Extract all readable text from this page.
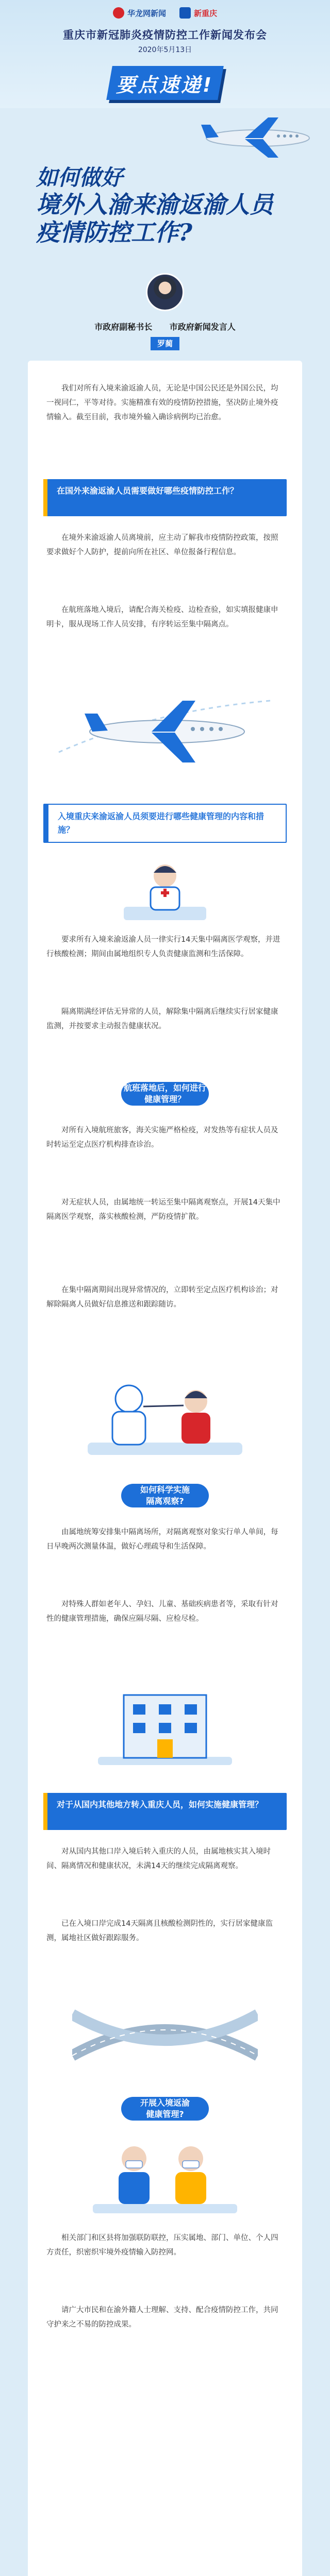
华龙网新闻	新重庆
重庆市新冠肺炎疫情防控工作新闻发布会
2020年5月13日
要点速递!
如何做好
境外入渝来渝返渝人员
疫情防控工作?
市政府副秘书长 市政府新闻发言人
罗蔺

我们对所有入境来渝返渝人员，无论是中国公民还是外国公民，均一视同仁，平等对待。实施精准有效的疫情防控措施，坚决防止境外疫情输入。截至目前，我市境外输入确诊病例均已治愈。

在国外来渝返渝人员需要做好哪些疫情防控工作？

在境外来渝返渝人员离境前，应主动了解我市疫情防控政策，按照要求做好个人防护，提前向所在社区、单位报备行程信息。

在航班落地入境后，请配合海关检疫、边检查验，如实填报健康申明卡，服从现场工作人员安排，有序转运至集中隔离点。

入境重庆来渝返渝人员须要进行哪些健康管理的内容和措施？

要求所有入境来渝返渝人员一律实行14天集中隔离医学观察，并进行核酸检测；期间由属地组织专人负责健康监测和生活保障。

隔离期满经评估无异常的人员，解除集中隔离后继续实行居家健康监测，并按要求主动报告健康状况。

航班落地后，如何进行健康管理？

对所有入境航班旅客，海关实施严格检疫，对发热等有症状人员及时转运至定点医疗机构排查诊治。

对无症状人员，由属地统一转运至集中隔离观察点，开展14天集中隔离医学观察，落实核酸检测，严防疫情扩散。

在集中隔离期间出现异常情况的，立即转至定点医疗机构诊治；对解除隔离人员做好信息推送和跟踪随访。

如何科学实施
隔离观察?

由属地统筹安排集中隔离场所，对隔离观察对象实行单人单间，每日早晚两次测量体温，做好心理疏导和生活保障。

对特殊人群如老年人、孕妇、儿童、基础疾病患者等，采取有针对性的健康管理措施，确保应隔尽隔、应检尽检。

对于从国内其他地方转入重庆人员，如何实施健康管理？

对从国内其他口岸入境后转入重庆的人员，由属地核实其入境时间、隔离情况和健康状况，未满14天的继续完成隔离观察。

已在入境口岸完成14天隔离且核酸检测阴性的，实行居家健康监测，属地社区做好跟踪服务。

开展入境返渝
健康管理?

相关部门和区县将加强联防联控，压实属地、部门、单位、个人四方责任，织密织牢境外疫情输入防控网。

请广大市民和在渝外籍人士理解、支持、配合疫情防控工作，共同守护来之不易的防控成果。
